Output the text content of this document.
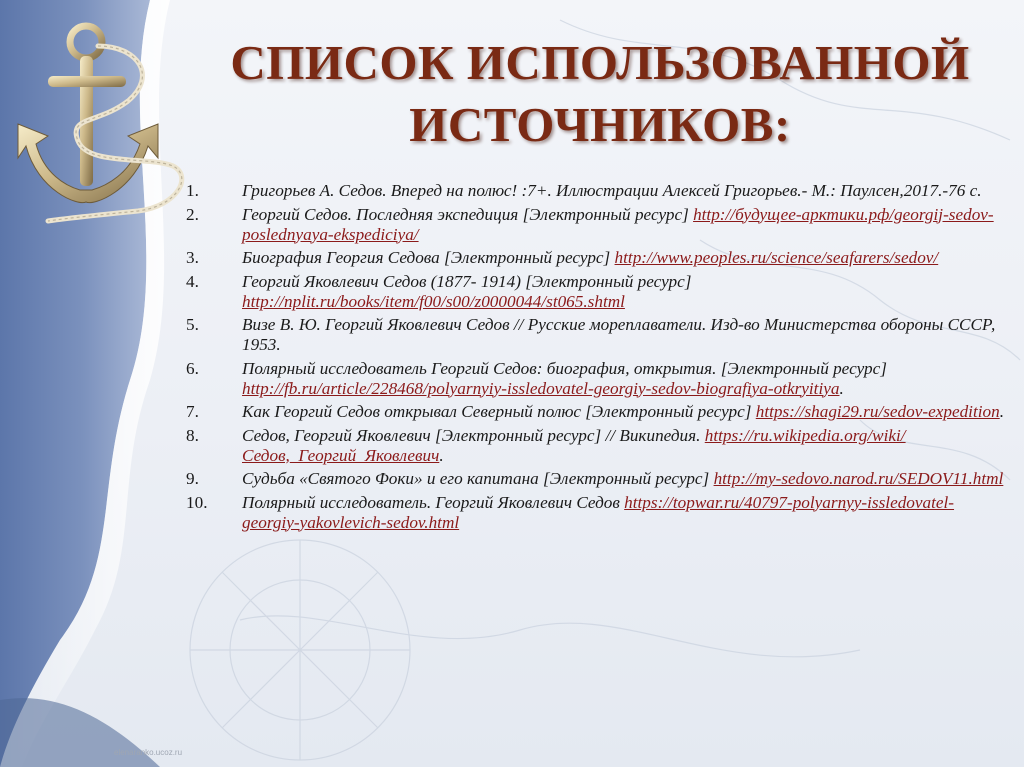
СПИСОК ИСПОЛЬЗОВАННОЙ
ИСТОЧНИКОВ:
1.	Григорьев А. Седов. Вперед на полюс! :7+. Иллюстрации Алексей Григорьев.- М.: Паулсен,2017.-76 с.
2.	Георгий Седов. Последняя экспедиция [Электронный ресурс] http://будущее-арктики.рф/georgij-sedov-poslednyaya-ekspediciya/
3.	Биография Георгия Седова [Электронный ресурс] http://www.peoples.ru/science/seafarers/sedov/
4.	Георгий Яковлевич Седов (1877- 1914) [Электронный ресурс] http://nplit.ru/books/item/f00/s00/z0000044/st065.shtml
5.	Визе В. Ю. Георгий Яковлевич Седов // Русские мореплаватели. Изд-во Министерства обороны СССР, 1953.
6.	Полярный исследователь Георгий Седов: биография, открытия. [Электронный ресурс] http://fb.ru/article/228468/polyarnyiy-issledovatel-georgiy-sedov-biografiya-otkryitiya.
7.	Как Георгий Седов открывал Северный полюс [Электронный ресурс] https://shagi29.ru/sedov-expedition.
8.	Седов, Георгий Яковлевич [Электронный ресурс] // Википедия. https://ru.wikipedia.org/wiki/Седов,_Георгий_Яковлевич.
9.	Судьба «Святого Фоки» и его капитана [Электронный ресурс] http://my-sedovo.narod.ru/SEDOV11.html
10.	Полярный исследователь. Георгий Яковлевич Седов https://topwar.ru/40797-polyarnyy-issledovatel-georgiy-yakovlevich-sedov.html
elenaranko.ucoz.ru
